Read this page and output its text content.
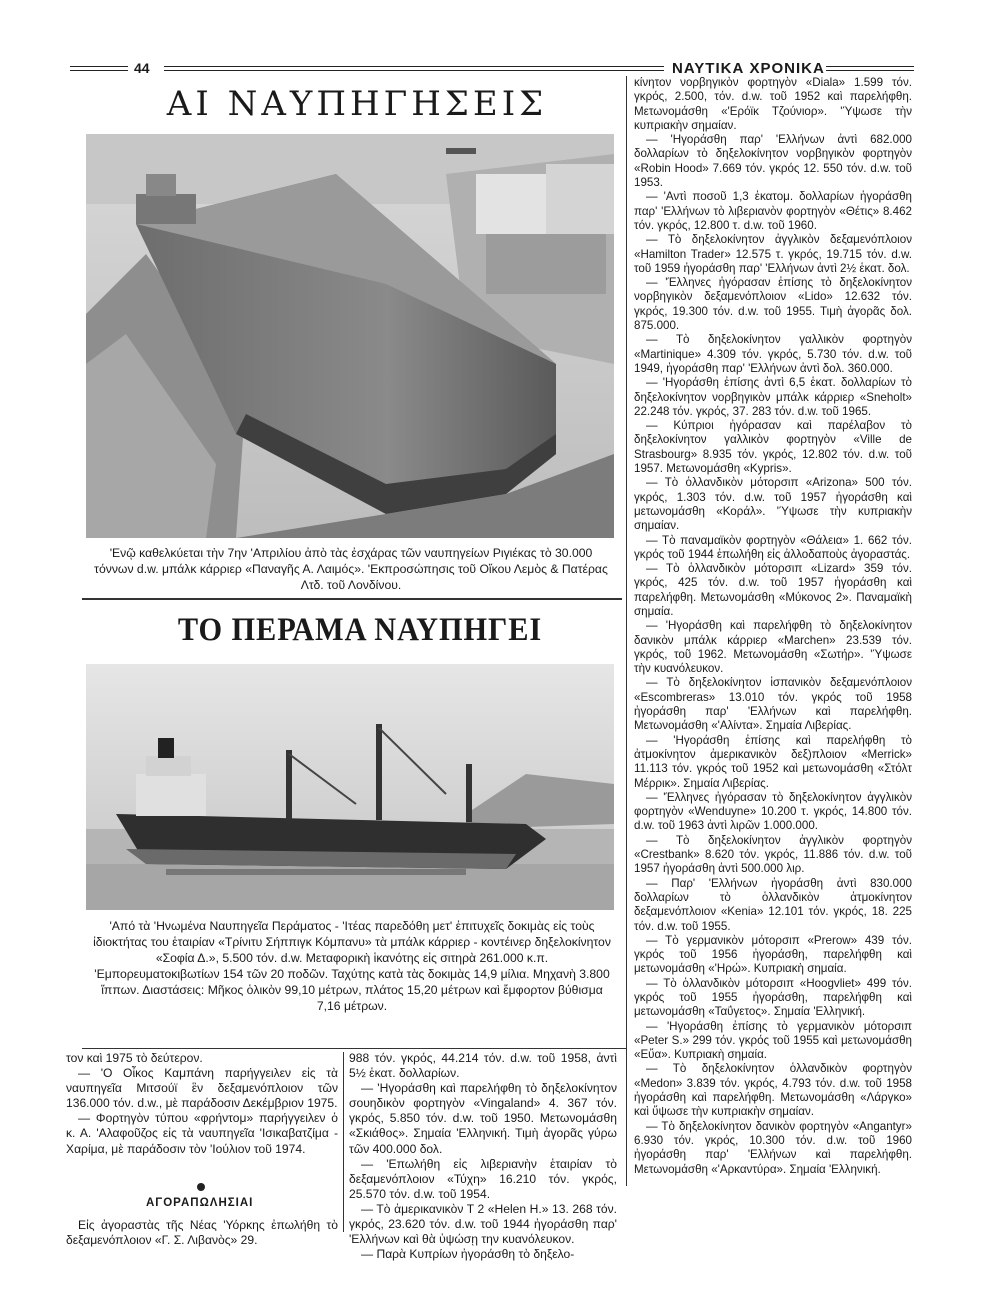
44	ΝΑΥΤΙΚΑ ΧΡΟΝΙΚΑ
ΑΙ ΝΑΥΠΗΓΗΣΕΙΣ
'Ενῷ καθελκύεται τὴν 7ην 'Απριλίου ἀπὸ τὰς ἐσχάρας τῶν ναυπηγείων Ριγιέκας τὸ 30.000 τόννων d.w. μπάλκ κάρριερ «Παναγῆς Α. Λαιμός». 'Εκπροσώπησις τοῦ Οἴκου Λεμὸς & Πατέρας Λτδ. τοῦ Λονδίνου.
ΤΟ ΠΕΡΑΜΑ ΝΑΥΠΗΓΕΙ
'Από τὰ 'Ηνωμένα Ναυπηγεῖα Περάματος - 'Ιτέας παρεδόθη μετ' ἐπιτυχεῖς δοκιμὰς εἰς τοὺς ἰδιοκτήτας του ἑταιρίαν «Τρίνιτυ Σήππιγκ Κόμπανυ» τὰ μπάλκ κάρριερ - κοντέινερ δηξελοκίνητον «Σοφία Δ.», 5.500 τόν. d.w. Μεταφορικὴ ἱκανότης εἰς σιτηρὰ 261.000 κ.π. 'Εμπορευματοκιβωτίων 154 τῶν 20 ποδῶν. Ταχύτης κατὰ τὰς δοκιμὰς 14,9 μίλια. Μηχανὴ 3.800 ἵππων. Διαστάσεις: Μῆκος ὁλικὸν 99,10 μέτρων, πλάτος 15,20 μέτρων καὶ ἔμφορτον βύθισμα 7,16 μέτρων.

τον καὶ 1975 τὸ δεύτερον.

— 'Ο Οἶκος Καμπάνη παρήγγειλεν εἰς τὰ ναυπηγεῖα Μιτσούϊ ἓν δεξαμενόπλοιον τῶν 136.000 τόν. d.w., μὲ παράδοσιν Δεκέμβριον 1975.

— Φορτηγὸν τύπου «φρήντομ» παρήγγειλεν ὁ κ. Α. 'Αλαφοῦζος εἰς τὰ ναυπηγεῖα 'Ισικαβατζίμα - Χαρίμα, μὲ παράδοσιν τὸν 'Ιούλιον τοῦ 1974.

ΑΓΟΡΑΠΩΛΗΣΙΑΙ

Εἰς ἀγοραστὰς τῆς Νέας 'Υόρκης ἐπωλήθη τὸ δεξαμενόπλοιον «Γ. Σ. Λιβανὸς» 29.

988 τόν. γκρός, 44.214 τόν. d.w. τοῦ 1958, ἀντὶ 5½ ἑκατ. δολλαρίων.

— 'Ηγοράσθη καὶ παρελήφθη τὸ δηξελοκίνητον σουηδικὸν φορτηγὸν «Vingaland» 4. 367 τόν. γκρός, 5.850 τόν. d.w. τοῦ 1950. Μετωνομάσθη «Σκιάθος». Σημαία 'Ελληνική. Τιμὴ ἀγορᾶς γύρω τῶν 400.000 δολ.

— 'Επωλήθη εἰς λιβεριανὴν ἑταιρίαν τὸ δεξαμενόπλοιον «Τύχη» 16.210 τόν. γκρός, 25.570 τόν. d.w. τοῦ 1954.

— Τὸ ἀμερικανικὸν Τ 2 «Helen H.» 13. 268 τόν. γκρός, 23.620 τόν. d.w. τοῦ 1944 ἠγοράσθη παρ' 'Ελλήνων καὶ θὰ ὑψώσῃ την κυανόλευκον.

— Παρὰ Κυπρίων ἠγοράσθη τὸ δηξελο-

κίνητον νορβηγικὸν φορτηγὸν «Diala» 1.599 τόν. γκρός, 2.500, τόν. d.w. τοῦ 1952 καὶ παρελήφθη. Μετωνομάσθη «'Ερόϊκ Τζούνιορ». 'Ύψωσε τὴν κυπριακὴν σημαίαν.

— 'Ηγοράσθη παρ' 'Ελλήνων ἀντὶ 682.000 δολλαρίων τὸ δηξελοκίνητον νορβηγικὸν φορτηγὸν «Robin Hood» 7.669 τόν. γκρός 12. 550 τόν. d.w. τοῦ 1953.

— 'Αντὶ ποσοῦ 1,3 ἑκατομ. δολλαρίων ἠγοράσθη παρ' 'Ελλήνων τὸ λιβεριανὸν φορτηγὸν «Θέτις» 8.462 τόν. γκρός, 12.800 τ. d.w. τοῦ 1960.

— Τὸ δηξελοκίνητον ἀγγλικὸν δεξαμενόπλοιον «Hamilton Trader» 12.575 τ. γκρός, 19.715 τόν. d.w. τοῦ 1959 ἠγοράσθη παρ' 'Ελλήνων ἀντὶ 2½ ἑκατ. δολ.

— 'Έλληνες ἠγόρασαν ἐπίσης τὸ δηξελοκίνητον νορβηγικὸν δεξαμενόπλοιον «Lido» 12.632 τόν. γκρός, 19.300 τόν. d.w. τοῦ 1955. Τιμὴ ἀγορᾶς δολ. 875.000.

— Τὸ δηξελοκίνητον γαλλικὸν φορτηγὸν «Martinique» 4.309 τόν. γκρός, 5.730 τόν. d.w. τοῦ 1949, ἠγοράσθη παρ' 'Ελλήνων ἀντὶ δολ. 360.000.

— 'Ηγοράσθη ἐπίσης ἀντὶ 6,5 ἑκατ. δολλαρίων τὸ δηξελοκίνητον νορβηγικὸν μπάλκ κάρριερ «Sneholt» 22.248 τόν. γκρός, 37. 283 τόν. d.w. τοῦ 1965.

— Κύπριοι ἠγόρασαν καὶ παρέλαβον τὸ δηξελοκίνητον γαλλικὸν φορτηγὸν «Ville de Strasbourg» 8.935 τόν. γκρός, 12.802 τόν. d.w. τοῦ 1957. Μετωνομάσθη «Kypris».

— Τὸ ὁλλανδικὸν μότορσιπ «Arizona» 500 τόν. γκρός, 1.303 τόν. d.w. τοῦ 1957 ἠγοράσθη καὶ μετωνομάσθη «Κοράλ». 'Ύψωσε τὴν κυπριακὴν σημαίαν.

— Τὸ παναμαϊκὸν φορτηγὸν «Θάλεια» 1. 662 τόν. γκρός τοῦ 1944 ἐπωλήθη εἰς ἀλλοδαποὺς ἀγοραστάς.

— Τὸ ὁλλανδικὸν μότορσιπ «Lizard» 359 τόν. γκρός, 425 τόν. d.w. τοῦ 1957 ἠγοράσθη καὶ παρελήφθη. Μετωνομάσθη «Μύκονος 2». Παναμαϊκὴ σημαία.

— 'Ηγοράσθη καὶ παρελήφθη τὸ δηξελοκίνητον δανικὸν μπάλκ κάρριερ «Marchen» 23.539 τόν. γκρός, τοῦ 1962. Μετωνομάσθη «Σωτήρ». 'Ύψωσε τὴν κυανόλευκον.

— Τὸ δηξελοκίνητον ἱσπανικὸν δεξαμενόπλοιον «Escombreras» 13.010 τόν. γκρός τοῦ 1958 ἠγοράσθη παρ' 'Ελλήνων καὶ παρελήφθη. Μετωνομάσθη «'Αλίντα». Σημαία Λιβερίας.

— 'Ηγοράσθη ἐπίσης καὶ παρελήφθη τὸ ἀτμοκίνητον ἀμερικανικὸν δεξ)πλοιον «Merrick» 11.113 τόν. γκρός τοῦ 1952 καὶ μετωνομάσθη «Στόλτ Μέρρικ». Σημαία Λιβερίας.

— 'Έλληνες ἠγόρασαν τὸ δηξελοκίνητον ἀγγλικὸν φορτηγὸν «Wenduyne» 10.200 τ. γκρός, 14.800 τόν. d.w. τοῦ 1963 ἀντὶ λιρῶν 1.000.000.

— Τὸ δηξελοκίνητον ἀγγλικὸν φορτηγὸν «Crestbank» 8.620 τόν. γκρός, 11.886 τόν. d.w. τοῦ 1957 ἠγοράσθη ἀντὶ 500.000 λιρ.

— Παρ' 'Ελλήνων ἠγοράσθη ἀντὶ 830.000 δολλαρίων τὸ ὁλλανδικὸν ἀτμοκίνητον δεξαμενόπλοιον «Kenia» 12.101 τόν. γκρός, 18. 225 τόν. d.w. τοῦ 1955.

— Τὸ γερμανικὸν μότορσιπ «Prerow» 439 τόν. γκρός τοῦ 1956 ἠγοράσθη, παρελήφθη καὶ μετωνομάσθη «'Ηρώ». Κυπριακὴ σημαία.

— Τὸ ὁλλανδικὸν μότορσιπ «Hoogvliet» 499 τόν. γκρός τοῦ 1955 ἠγοράσθη, παρελήφθη καὶ μετωνομάσθη «Ταΰγετος». Σημαία 'Ελληνική.

— 'Ηγοράσθη ἐπίσης τὸ γερμανικὸν μότορσιπ «Peter S.» 299 τόν. γκρός τοῦ 1955 καὶ μετωνομάσθη «Εὔα». Κυπριακὴ σημαία.

— Τὸ δηξελοκίνητον ὁλλανδικὸν φορτηγὸν «Medon» 3.839 τόν. γκρός, 4.793 τόν. d.w. τοῦ 1958 ἠγοράσθη καὶ παρελήφθη. Μετωνομάσθη «Λάργκο» καὶ ὕψωσε τὴν κυπριακὴν σημαίαν.

— Τὸ δηξελοκίνητον δανικὸν φορτηγὸν «Angantyr» 6.930 τόν. γκρός, 10.300 τόν. d.w. τοῦ 1960 ἠγοράσθη παρ' 'Ελλήνων καὶ παρελήφθη. Μετωνομάσθη «'Αρκαντύρα». Σημαία 'Ελληνική.
